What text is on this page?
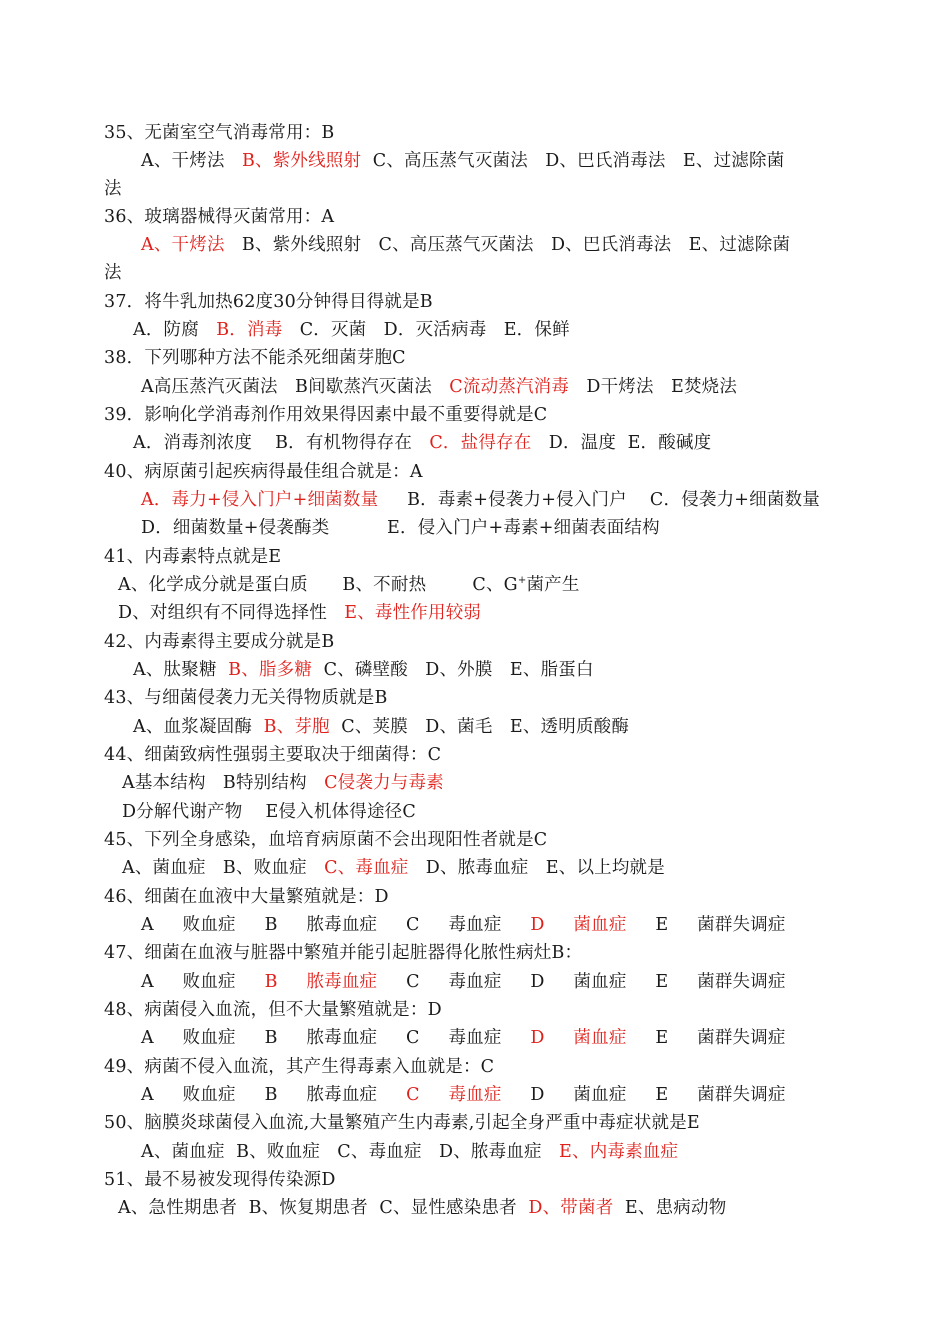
35、无菌室空气消毒常用：B
A、干烤法   B、紫外线照射  C、高压蒸气灭菌法   D、巴氏消毒法   E、过滤除菌
法
36、玻璃器械得灭菌常用：A
A、干烤法   B、紫外线照射   C、高压蒸气灭菌法   D、巴氏消毒法   E、过滤除菌
法
37．将牛乳加热62度30分钟得目得就是B
A．防腐   B．消毒   C．灭菌   D．灭活病毒   E．保鲜
38．下列哪种方法不能杀死细菌芽胞C
A高压蒸汽灭菌法   B间歇蒸汽灭菌法   C流动蒸汽消毒   D干烤法   E焚烧法
39．影响化学消毒剂作用效果得因素中最不重要得就是C
A．消毒剂浓度    B．有机物得存在   C．盐得存在   D．温度  E．酸碱度
40、病原菌引起疾病得最佳组合就是：A
A．毒力+侵入门户+细菌数量     B．毒素+侵袭力+侵入门户    C．侵袭力+细菌数量
D．细菌数量+侵袭酶类          E．侵入门户+毒素+细菌表面结构
41、内毒素特点就是E
A、化学成分就是蛋白质      B、不耐热        C、G+菌产生
D、对组织有不同得选择性   E、毒性作用较弱
42、内毒素得主要成分就是B
A、肽聚糖  B、脂多糖  C、磷壁酸   D、外膜   E、脂蛋白
43、与细菌侵袭力无关得物质就是B
A、血浆凝固酶  B、芽胞  C、荚膜   D、菌毛   E、透明质酸酶
44、细菌致病性强弱主要取决于细菌得：C
A基本结构   B特别结构   C侵袭力与毒素
D分解代谢产物    E侵入机体得途径C
45、下列全身感染，血培育病原菌不会出现阳性者就是C
A、菌血症   B、败血症   C、毒血症   D、脓毒血症   E、以上均就是
46、细菌在血液中大量繁殖就是：D
A     败血症     B     脓毒血症     C     毒血症     D     菌血症     E     菌群失调症
47、细菌在血液与脏器中繁殖并能引起脏器得化脓性病灶B：
A     败血症     B     脓毒血症     C     毒血症     D     菌血症     E     菌群失调症
48、病菌侵入血流，但不大量繁殖就是：D
A     败血症     B     脓毒血症     C     毒血症     D     菌血症     E     菌群失调症
49、病菌不侵入血流，其产生得毒素入血就是：C
A     败血症     B     脓毒血症     C     毒血症     D     菌血症     E     菌群失调症
50、脑膜炎球菌侵入血流,大量繁殖产生内毒素,引起全身严重中毒症状就是E
A、菌血症  B、败血症   C、毒血症   D、脓毒血症   E、内毒素血症
51、最不易被发现得传染源D
A、急性期患者  B、恢复期患者  C、显性感染患者  D、带菌者  E、患病动物
